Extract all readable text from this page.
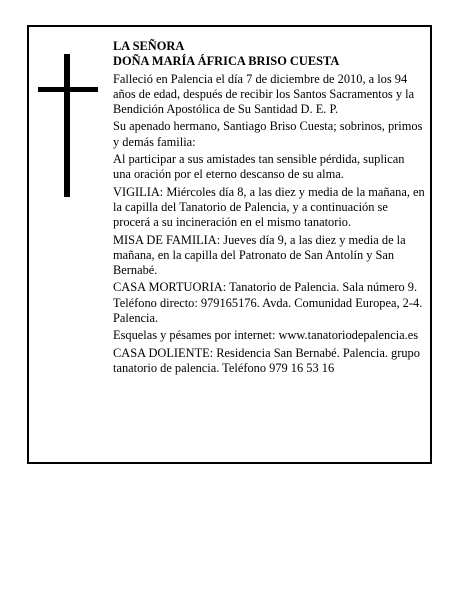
LA SEÑORA
DOÑA MARÍA ÁFRICA BRISO CUESTA

Falleció en Palencia el día 7 de diciembre de 2010, a los 94 años de edad, después de recibir los Santos Sacramentos y la Bendición Apostólica de Su Santidad D. E. P.

Su apenado hermano, Santiago Briso Cuesta; sobrinos, primos y demás familia:

Al participar a sus amistades tan sensible pérdida, suplican una oración por el eterno descanso de su alma.

VIGILIA: Miércoles día 8, a las diez y media de la mañana, en la capilla del Tanatorio de Palencia, y a continuación se procerá a su incineración en el mismo tanatorio.

MISA DE FAMILIA: Jueves día 9, a las diez y media de la mañana, en la capilla del Patronato de San Antolín y San Bernabé.

CASA MORTUORIA: Tanatorio de Palencia. Sala número 9. Teléfono directo: 979165176. Avda. Comunidad Europea, 2-4. Palencia.

Esquelas y pésames por internet: www.tanatoriodepalencia.es

CASA DOLIENTE: Residencia San Bernabé. Palencia. grupo tanatorio de palencia. Teléfono 979 16 53 16
